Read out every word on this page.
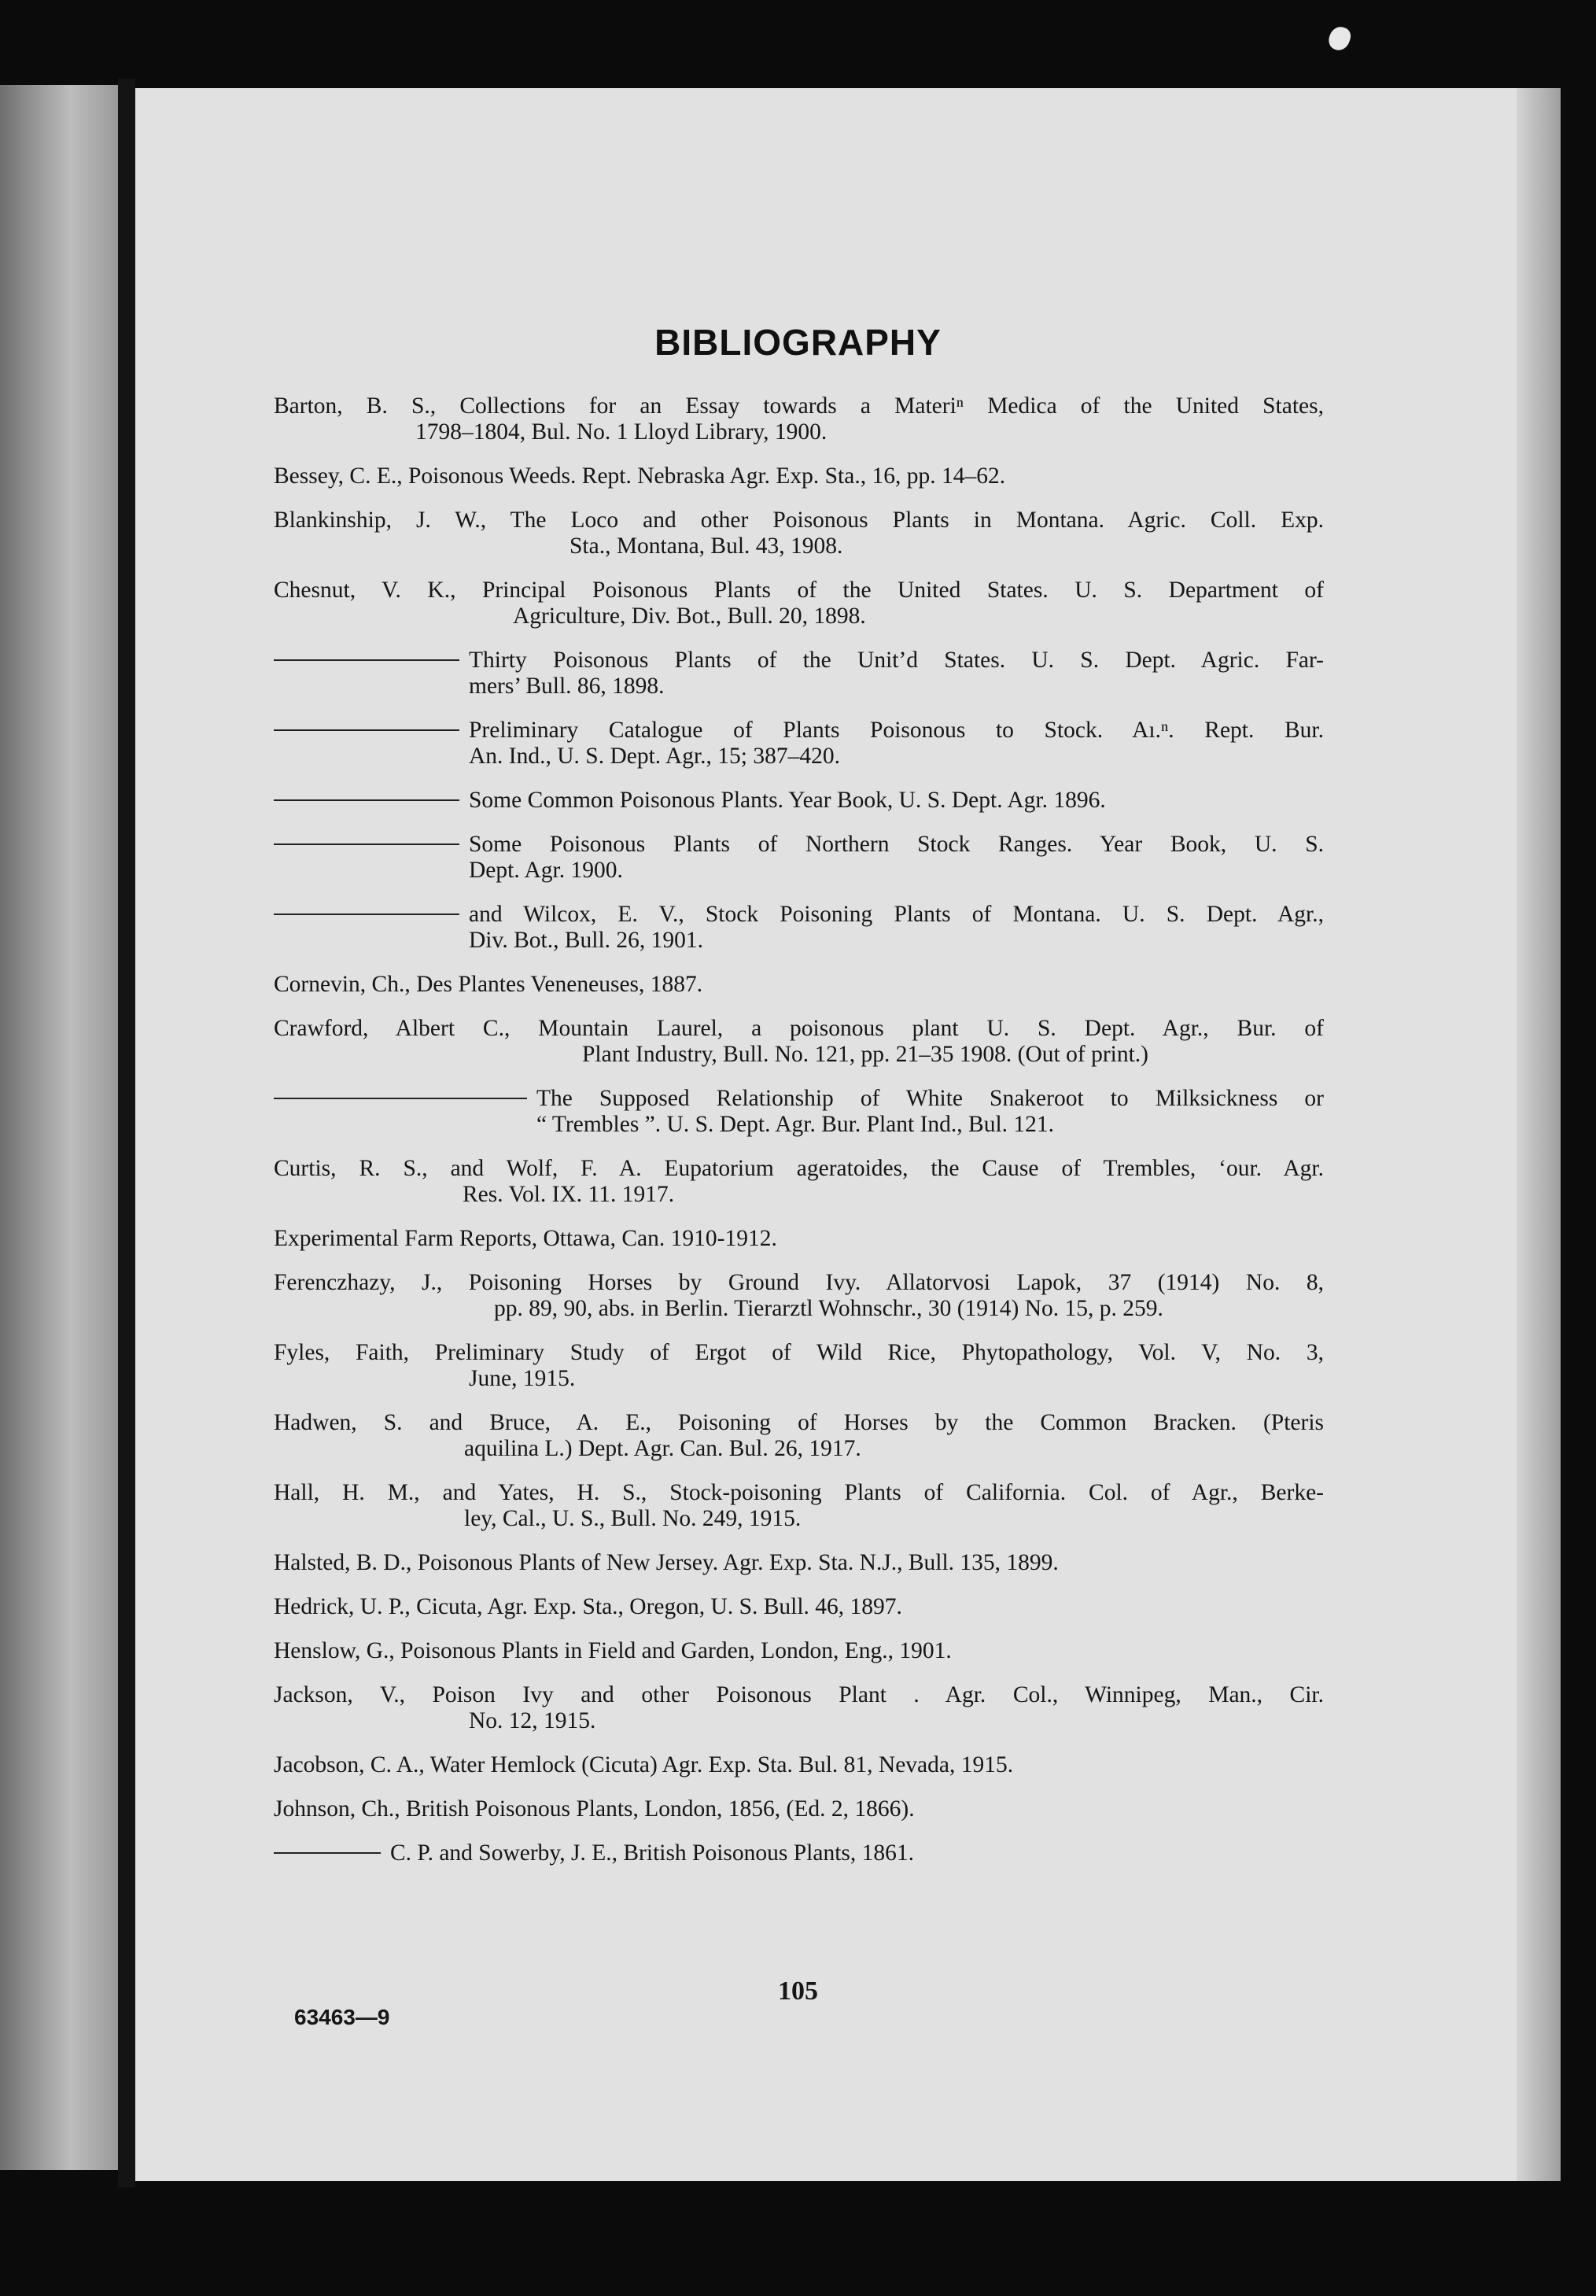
BIBLIOGRAPHY
Barton, B. S., Collections for an Essay towards a Materiⁿ Medica of the United States,
1798–1804, Bul. No. 1 Lloyd Library, 1900.
Bessey, C. E., Poisonous Weeds. Rept. Nebraska Agr. Exp. Sta., 16, pp. 14–62.
Blankinship, J. W., The Loco and other Poisonous Plants in Montana. Agric. Coll. Exp.
Sta., Montana, Bul. 43, 1908.
Chesnut, V. K., Principal Poisonous Plants of the United States. U. S. Department of
Agriculture, Div. Bot., Bull. 20, 1898.
Thirty Poisonous Plants of the Unit’d States. U. S. Dept. Agric. Far-
mers’ Bull. 86, 1898.
Preliminary Catalogue of Plants Poisonous to Stock. Aı.ⁿ. Rept. Bur.
An. Ind., U. S. Dept. Agr., 15; 387–420.
Some Common Poisonous Plants. Year Book, U. S. Dept. Agr. 1896.
Some Poisonous Plants of Northern Stock Ranges. Year Book, U. S.
Dept. Agr. 1900.
and Wilcox, E. V., Stock Poisoning Plants of Montana. U. S. Dept. Agr.,
Div. Bot., Bull. 26, 1901.
Cornevin, Ch., Des Plantes Veneneuses, 1887.
Crawford, Albert C., Mountain Laurel, a poisonous plant U. S. Dept. Agr., Bur. of
Plant Industry, Bull. No. 121, pp. 21–35 1908. (Out of print.)
The Supposed Relationship of White Snakeroot to Milksickness or
“ Trembles ”. U. S. Dept. Agr. Bur. Plant Ind., Bul. 121.
Curtis, R. S., and Wolf, F. A. Eupatorium ageratoides, the Cause of Trembles, ʻour. Agr.
Res. Vol. IX. 11. 1917.
Experimental Farm Reports, Ottawa, Can. 1910-1912.
Ferenczhazy, J., Poisoning Horses by Ground Ivy. Allatorvosi Lapok, 37 (1914) No. 8,
pp. 89, 90, abs. in Berlin. Tierarztl Wohnschr., 30 (1914) No. 15, p. 259.
Fyles, Faith, Preliminary Study of Ergot of Wild Rice, Phytopathology, Vol. V, No. 3,
June, 1915.
Hadwen, S. and Bruce, A. E., Poisoning of Horses by the Common Bracken. (Pteris
aquilina L.) Dept. Agr. Can. Bul. 26, 1917.
Hall, H. M., and Yates, H. S., Stock-poisoning Plants of California. Col. of Agr., Berke-
ley, Cal., U. S., Bull. No. 249, 1915.
Halsted, B. D., Poisonous Plants of New Jersey. Agr. Exp. Sta. N.J., Bull. 135, 1899.
Hedrick, U. P., Cicuta, Agr. Exp. Sta., Oregon, U. S. Bull. 46, 1897.
Henslow, G., Poisonous Plants in Field and Garden, London, Eng., 1901.
Jackson, V., Poison Ivy and other Poisonous Plant . Agr. Col., Winnipeg, Man., Cir.
No. 12, 1915.
Jacobson, C. A., Water Hemlock (Cicuta) Agr. Exp. Sta. Bul. 81, Nevada, 1915.
Johnson, Ch., British Poisonous Plants, London, 1856, (Ed. 2, 1866).
C. P. and Sowerby, J. E., British Poisonous Plants, 1861.
105
63463—9
